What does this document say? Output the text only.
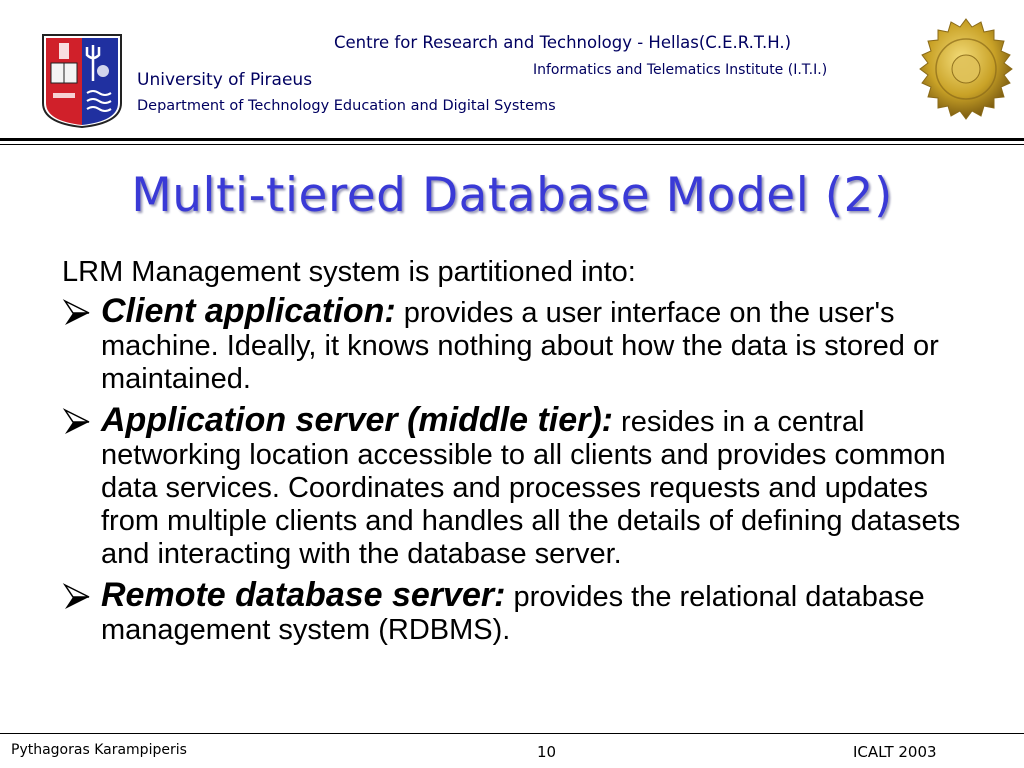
University of Piraeus
Department of Technology Education and Digital Systems
Centre for Research and Technology - Hellas(C.E.R.T.H.)
Informatics and Telematics Institute (I.T.I.)
Multi-tiered Database Model (2)

LRM Management system is partitioned into:

Client application: provides a user interface on the user's machine. Ideally, it knows nothing about how the data is stored or maintained.

Application server (middle tier): resides in a central networking location accessible to all clients and provides common data services. Coordinates and processes requests and updates from multiple clients and handles all the details of defining datasets and interacting with the database server.

Remote database server: provides the relational database management system (RDBMS).

Pythagoras Karampiperis	10	ICALT 2003
